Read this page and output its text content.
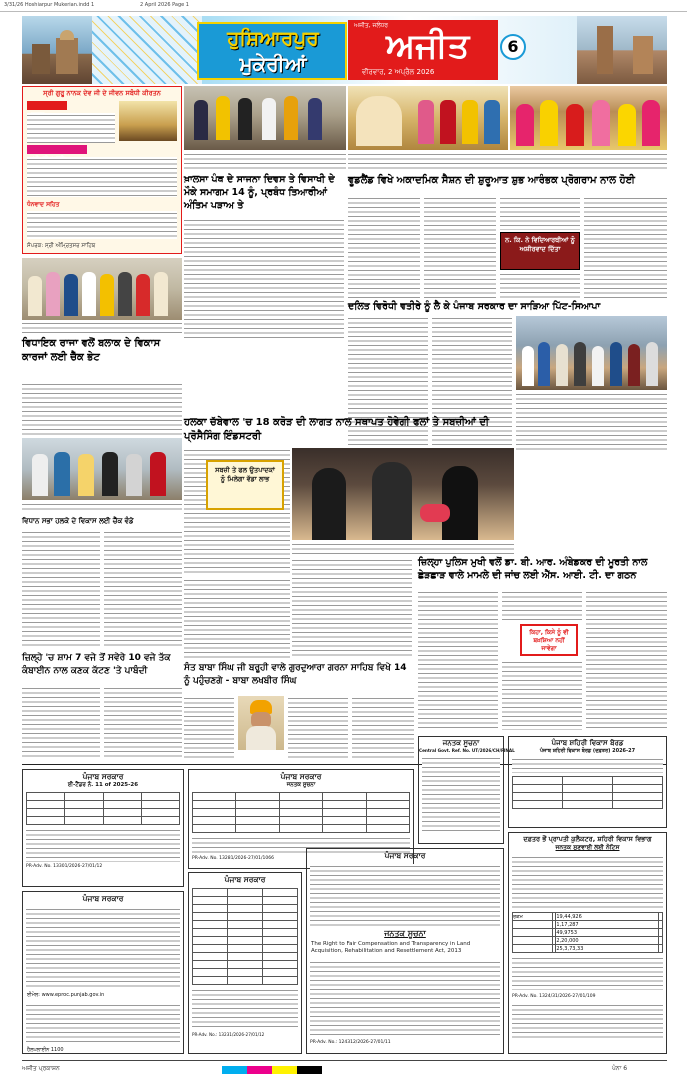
3/31/26 Hoshiarpur Mukerian.indd 1	2 April 2026 Page 1
ਹੁਸ਼ਿਆਰਪੁਰ
ਮੁਕੇਰੀਆਂ
ਅਜੀਤ, ਜਲੰਧਰ
ਅਜੀਤ
ਵੀਰਵਾਰ, 2 ਅਪ੍ਰੈਲ 2026
6
ਸ੍ਰੀ ਗੁਰੂ ਨਾਨਕ ਦੇਵ ਜੀ ਦੇ ਜੀਵਨ ਸਬੰਧੀ ਕੀਰਤਨ
ਧੰਨਵਾਦ ਸਹਿਤ
ਸੰਪਰਕ: ਸ੍ਰੀ ਅੰਮ੍ਰਿਤਸਰ ਸਾਹਿਬ
ਖ਼ਾਲਸਾ ਪੰਥ ਦੇ ਸਾਜਨਾ ਦਿਵਸ ਤੇ ਵਿਸਾਖੀ ਦੇ ਮੌਕੇ ਸਮਾਗਮ 14 ਨੂੰ, ਪ੍ਰਬੰਧ ਤਿਆਰੀਆਂ ਅੰਤਿਮ ਪੜਾਅ ਤੇ
ਵੂਡਲੈਂਡ ਵਿਖੇ ਅਕਾਦਮਿਕ ਸੈਸ਼ਨ ਦੀ ਸ਼ੁਰੂਆਤ ਸ਼ੁਭ ਆਰੰਭਕ ਪ੍ਰੋਗਰਾਮ ਨਾਲ ਹੋਈ
ਨ. ਕਿ. ਨੇ ਵਿਦਿਆਰਥੀਆਂ ਨੂੰ ਅਸ਼ੀਰਵਾਦ ਦਿੱਤਾ
ਦਲਿਤ ਵਿਰੋਧੀ ਵਤੀਰੇ ਨੂੰ ਲੈ ਕੇ ਪੰਜਾਬ ਸਰਕਾਰ ਦਾ ਸਾੜਿਆ ਪਿੱਟ-ਸਿਆਪਾ
ਵਿਧਾਇਕ ਰਾਜਾ ਵਲੋਂ ਬਲਾਕ ਦੇ ਵਿਕਾਸ ਕਾਰਜਾਂ ਲਈ ਚੈੱਕ ਭੇਟ
ਹਲਕਾ ਚੱਬੇਵਾਲ 'ਚ 18 ਕਰੋੜ ਦੀ ਲਾਗਤ ਨਾਲ ਸਥਾਪਤ ਹੋਵੇਗੀ ਫਲਾਂ ਤੇ ਸਬਜ਼ੀਆਂ ਦੀ ਪ੍ਰੋਸੈਸਿੰਗ ਇੰਡਸਟਰੀ
ਸਬਜ਼ੀ ਤੇ ਫਲ ਉਤਪਾਦਕਾਂ ਨੂੰ ਮਿਲੇਗਾ ਵੱਡਾ ਲਾਭ
ਜ਼ਿਲ੍ਹਾ ਪੁਲਿਸ ਮੁਖੀ ਵਲੋਂ ਡਾ. ਬੀ. ਆਰ. ਅੰਬੇਡਕਰ ਦੀ ਮੂਰਤੀ ਨਾਲ ਛੇੜਛਾੜ ਵਾਲੇ ਮਾਮਲੇ ਦੀ ਜਾਂਚ ਲਈ ਐੱਸ. ਆਈ. ਟੀ. ਦਾ ਗਠਨ
ਕਿਹਾ, ਕਿਸੇ ਨੂੰ ਵੀ ਬਖ਼ਸ਼ਿਆ ਨਹੀਂ ਜਾਵੇਗਾ
ਵਿਧਾਨ ਸਭਾ ਹਲਕੇ ਦੇ ਵਿਕਾਸ ਲਈ ਚੈੱਕ ਵੰਡੇ
ਜ਼ਿਲ੍ਹੇ 'ਚ ਸ਼ਾਮ 7 ਵਜੇ ਤੋਂ ਸਵੇਰੇ 10 ਵਜੇ ਤੱਕ ਕੰਬਾਈਨ ਨਾਲ ਕਣਕ ਕੱਟਣ 'ਤੇ ਪਾਬੰਦੀ	ਸੰਤ ਬਾਬਾ ਸਿੰਘ ਜੀ ਬਰੂਹੀ ਵਾਲੇ ਗੁਰਦੁਆਰਾ ਗਰਨਾ ਸਾਹਿਬ ਵਿਖੇ 14 ਨੂੰ ਪਹੁੰਚਣਗੇ - ਬਾਬਾ ਲਖਬੀਰ ਸਿੰਘ
ਜਨਤਕ ਸੂਚਨਾ
Central Govt. Ref. No. UT/2026/CH/FINAL
ਪੰਜਾਬ ਸ਼ਹਿਰੀ ਵਿਕਾਸ ਬੋਰਡ
ਪੰਜਾਬ ਸ਼ਹਿਰੀ ਵਿਕਾਸ ਬੋਰਡ (ਦਫ਼ਤਰ) 2026-27

ਪੰਜਾਬ ਸਰਕਾਰ
ਈ-ਟੈਂਡਰ ਨੰ. 11 of 2025-26

PR-Adv. No. 13301/2026-27/01/12
ਪੰਜਾਬ ਸਰਕਾਰ
ਜਨਤਕ ਸੂਚਨਾ

PR-Adv. No. 13281/2026-27/01/1066	ਪੰਜਾਬ ਸਰਕਾਰ
ਜਨਤਕ ਸੂਚਨਾ
The Right to Fair Compensation and Transparency in Land Acquisition, Rehabilitation and Resettlement Act, 2013
PR-Adv. No.: 124312/2026-27/01/11
ਦਫ਼ਤਰ ਭੌਂ ਪ੍ਰਾਪਤੀ ਕੁਲੈਕਟਰ, ਸ਼ਹਿਰੀ ਵਿਕਾਸ ਵਿਭਾਗ
ਜਨਤਕ ਸੁਣਵਾਈ ਲਈ ਨੋਟਿਸ
ਰਕਮ		19,44,926	
		1,17,287	
		49,9753	
		2,20,000	
		25,3,73,33	
PR-Adv. No. 1324/31/2026-27/01/109
ਪੰਜਾਬ ਸਰਕਾਰ

PR-Adv. No.: 13231/2026-27/01/12
ਪੰਜਾਬ ਸਰਕਾਰ
ਈਮੇਲ: www.eproc.punjab.gov.in
ਹੈਲਪਲਾਈਨ 1100
ਅਜੀਤ ਪ੍ਰਕਾਸ਼ਨ	ਪੰਨਾ 6
